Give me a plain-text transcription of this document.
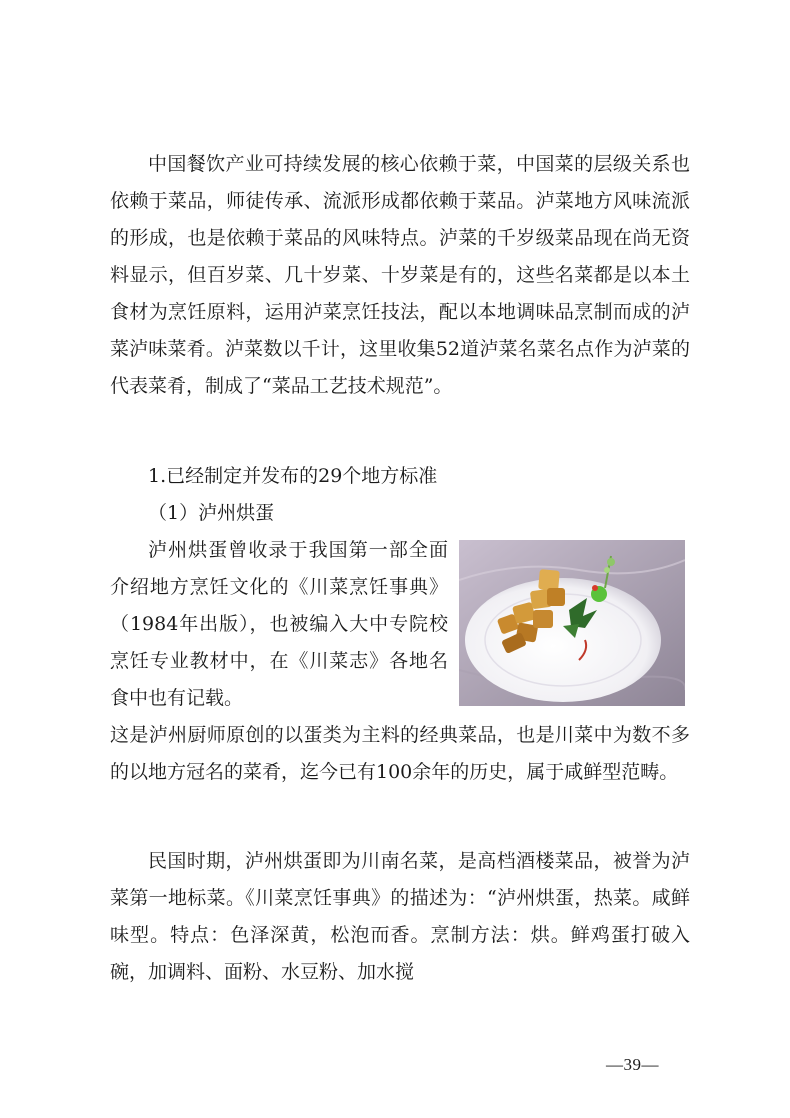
中国餐饮产业可持续发展的核心依赖于菜，中国菜的层级关系也依赖于菜品，师徒传承、流派形成都依赖于菜品。泸菜地方风味流派的形成，也是依赖于菜品的风味特点。泸菜的千岁级菜品现在尚无资料显示，但百岁菜、几十岁菜、十岁菜是有的，这些名菜都是以本土食材为烹饪原料，运用泸菜烹饪技法，配以本地调味品烹制而成的泸菜泸味菜肴。泸菜数以千计，这里收集52道泸菜名菜名点作为泸菜的代表菜肴，制成了“菜品工艺技术规范”。

1.已经制定并发布的29个地方标准

（1）泸州烘蛋

泸州烘蛋曾收录于我国第一部全面介绍地方烹饪文化的《川菜烹饪事典》（1984年出版），也被编入大中专院校烹饪专业教材中，在《川菜志》各地名食中也有记载。

这是泸州厨师原创的以蛋类为主料的经典菜品，也是川菜中为数不多的以地方冠名的菜肴，迄今已有100余年的历史，属于咸鲜型范畴。

民国时期，泸州烘蛋即为川南名菜，是高档酒楼菜品，被誉为泸菜第一地标菜。《川菜烹饪事典》的描述为：“泸州烘蛋，热菜。咸鲜味型。特点：色泽深黄，松泡而香。烹制方法：烘。鲜鸡蛋打破入碗，加调料、面粉、水豆粉、加水搅

—39—
